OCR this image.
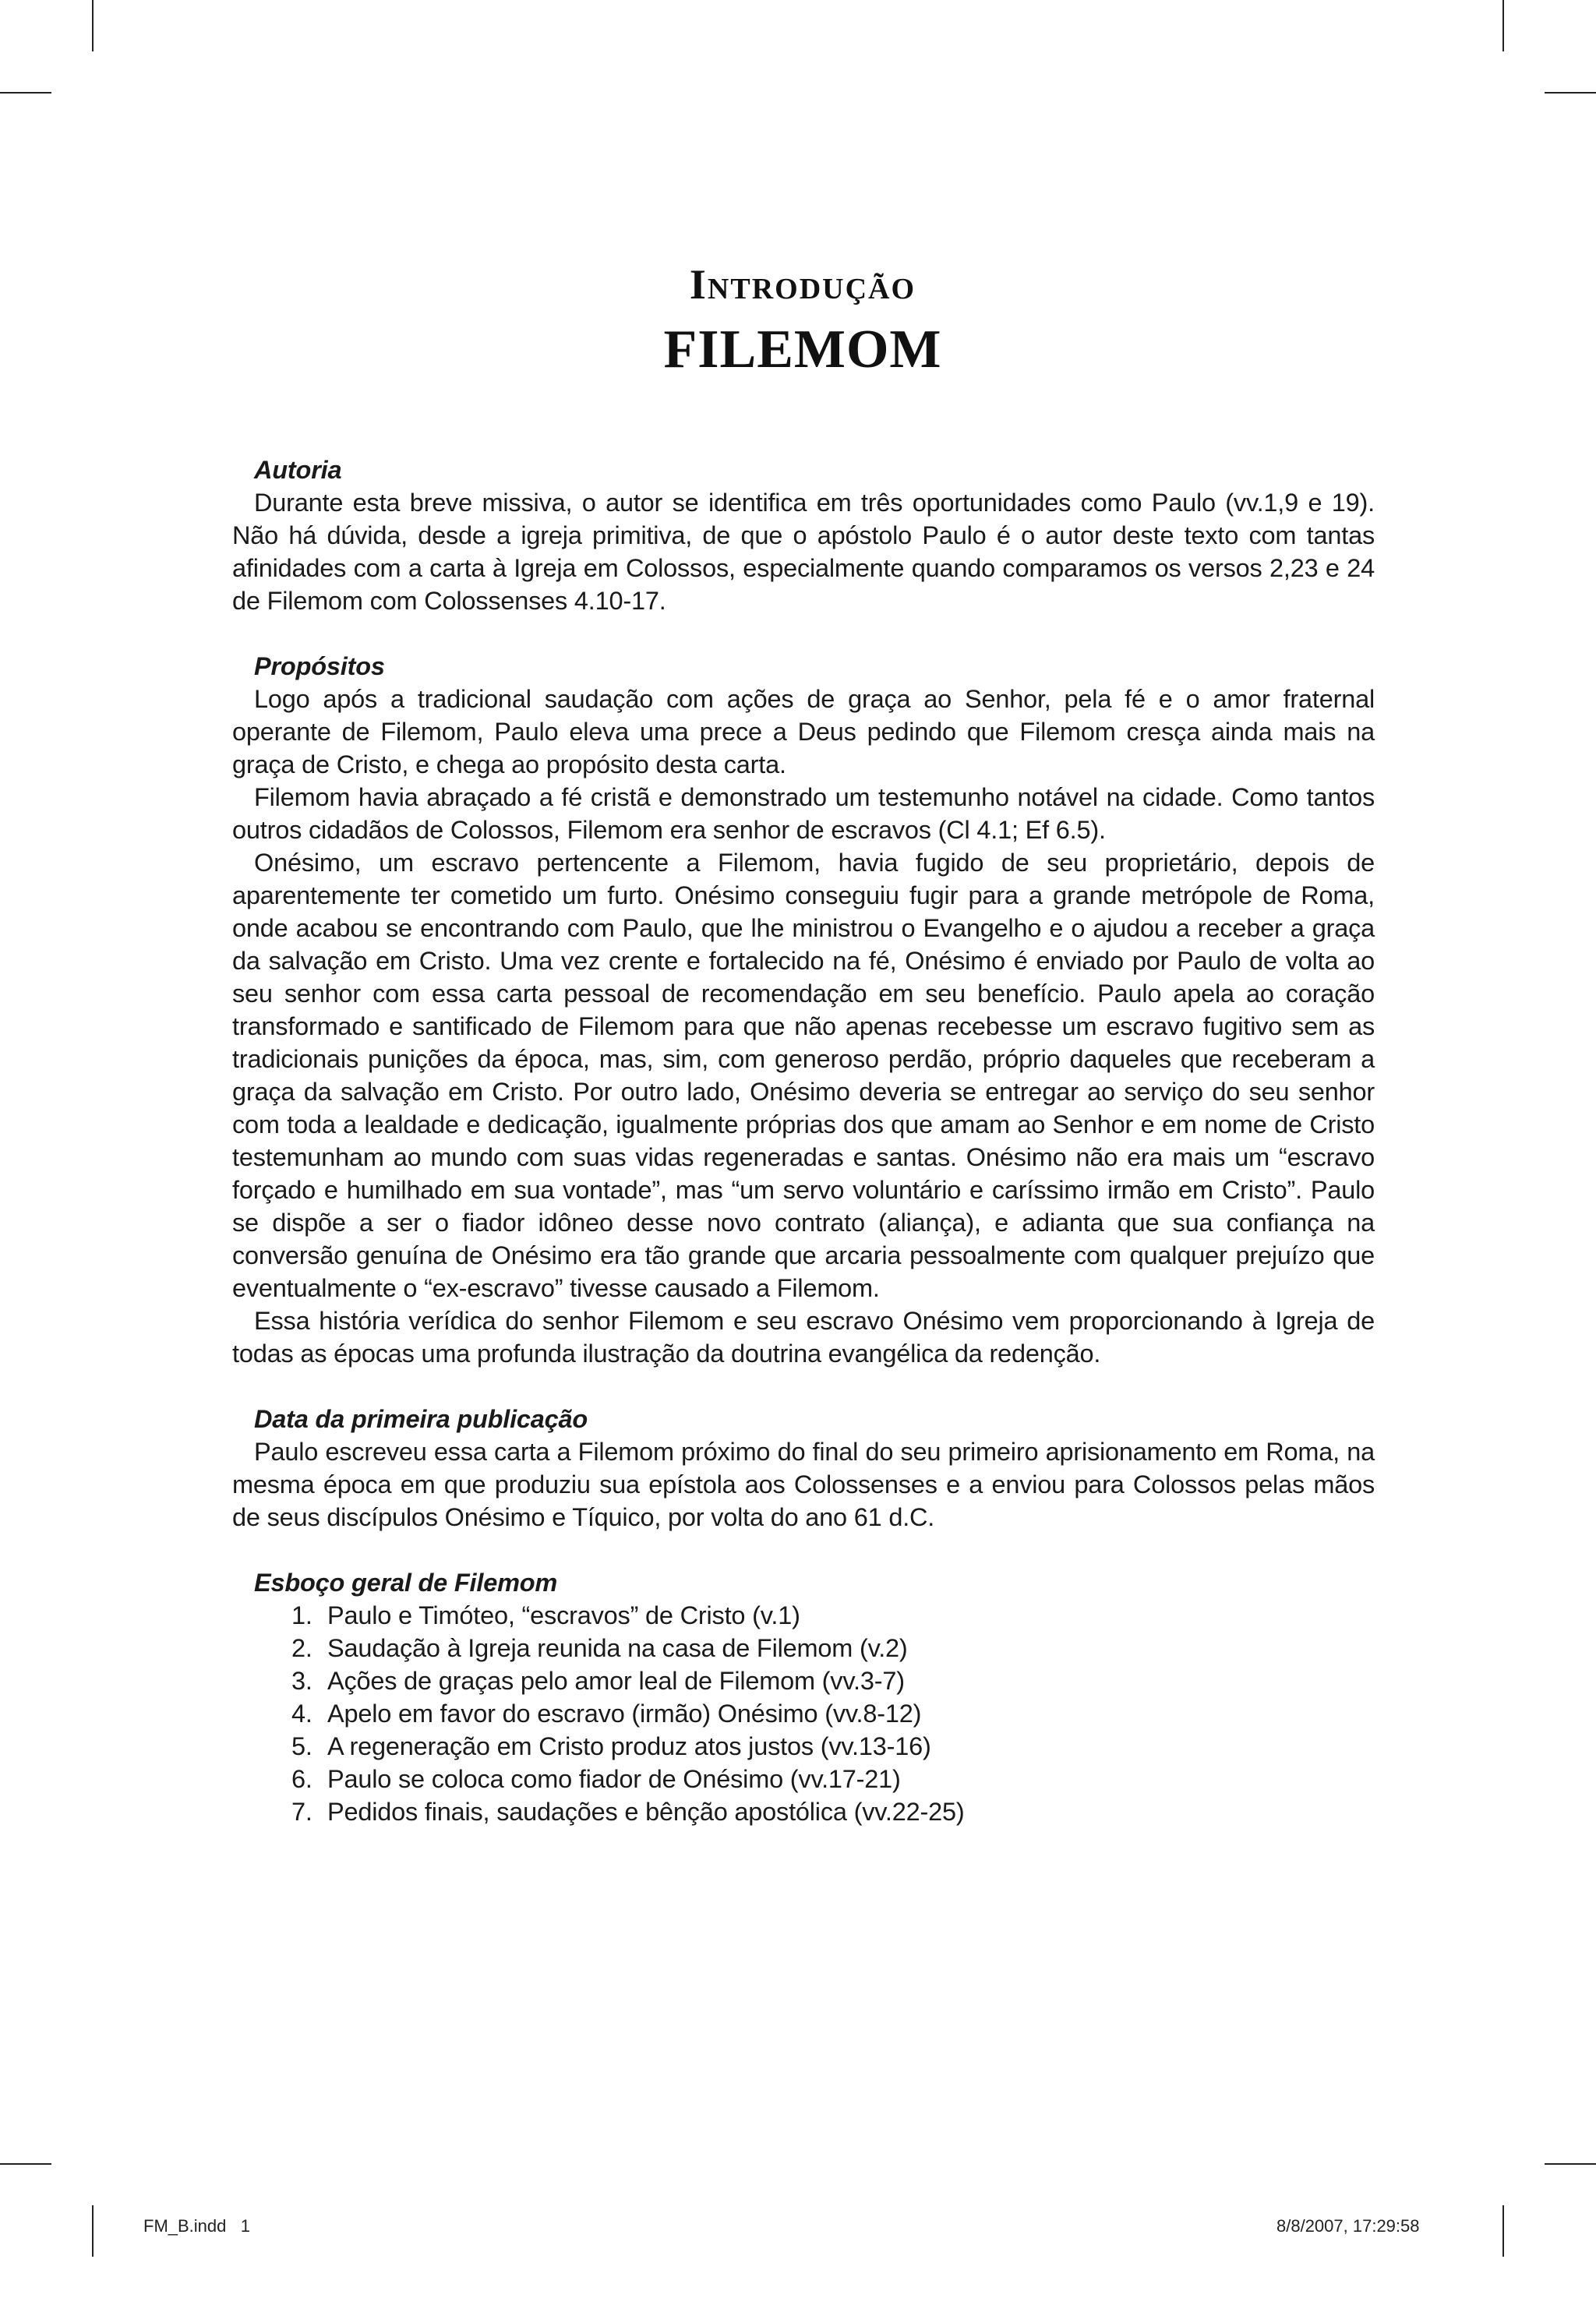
Introdução
FILEMOM

Autoria

Durante esta breve missiva, o autor se identifica em três oportunidades como Paulo (vv.1,9 e 19). Não há dúvida, desde a igreja primitiva, de que o apóstolo Paulo é o autor deste texto com tantas afinidades com a carta à Igreja em Colossos, especialmente quando comparamos os versos 2,23 e 24 de Filemom com Colossenses 4.10-17.

Propósitos

Logo após a tradicional saudação com ações de graça ao Senhor, pela fé e o amor fraternal operante de Filemom, Paulo eleva uma prece a Deus pedindo que Filemom cresça ainda mais na graça de Cristo, e chega ao propósito desta carta.

Filemom havia abraçado a fé cristã e demonstrado um testemunho notável na cidade. Como tantos outros cidadãos de Colossos, Filemom era senhor de escravos (Cl 4.1; Ef 6.5).

Onésimo, um escravo pertencente a Filemom, havia fugido de seu proprietário, depois de aparentemente ter cometido um furto. Onésimo conseguiu fugir para a grande metrópole de Roma, onde acabou se encontrando com Paulo, que lhe ministrou o Evangelho e o ajudou a receber a graça da salvação em Cristo. Uma vez crente e fortalecido na fé, Onésimo é enviado por Paulo de volta ao seu senhor com essa carta pessoal de recomendação em seu benefício. Paulo apela ao coração transformado e santificado de Filemom para que não apenas recebesse um escravo fugitivo sem as tradicionais punições da época, mas, sim, com generoso perdão, próprio daqueles que receberam a graça da salvação em Cristo. Por outro lado, Onésimo deveria se entregar ao serviço do seu senhor com toda a lealdade e dedicação, igualmente próprias dos que amam ao Senhor e em nome de Cristo testemunham ao mundo com suas vidas regeneradas e santas. Onésimo não era mais um “escravo forçado e humilhado em sua vontade”, mas “um servo voluntário e caríssimo irmão em Cristo”. Paulo se dispõe a ser o fiador idôneo desse novo contrato (aliança), e adianta que sua confiança na conversão genuína de Onésimo era tão grande que arcaria pessoalmente com qualquer prejuízo que eventualmente o “ex-escravo” tivesse causado a Filemom.

Essa história verídica do senhor Filemom e seu escravo Onésimo vem proporcionando à Igreja de todas as épocas uma profunda ilustração da doutrina evangélica da redenção.

Data da primeira publicação

Paulo escreveu essa carta a Filemom próximo do final do seu primeiro aprisionamento em Roma, na mesma época em que produziu sua epístola aos Colossenses e a enviou para Colossos pelas mãos de seus discípulos Onésimo e Tíquico, por volta do ano 61 d.C.

Esboço geral de Filemom

1. Paulo e Timóteo, “escravos” de Cristo (v.1)
2. Saudação à Igreja reunida na casa de Filemom (v.2)
3. Ações de graças pelo amor leal de Filemom (vv.3-7)
4. Apelo em favor do escravo (irmão) Onésimo (vv.8-12)
5. A regeneração em Cristo produz atos justos (vv.13-16)
6. Paulo se coloca como fiador de Onésimo (vv.17-21)
7. Pedidos finais, saudações e bênção apostólica (vv.22-25)
FM_B.indd   1	8/8/2007, 17:29:58
